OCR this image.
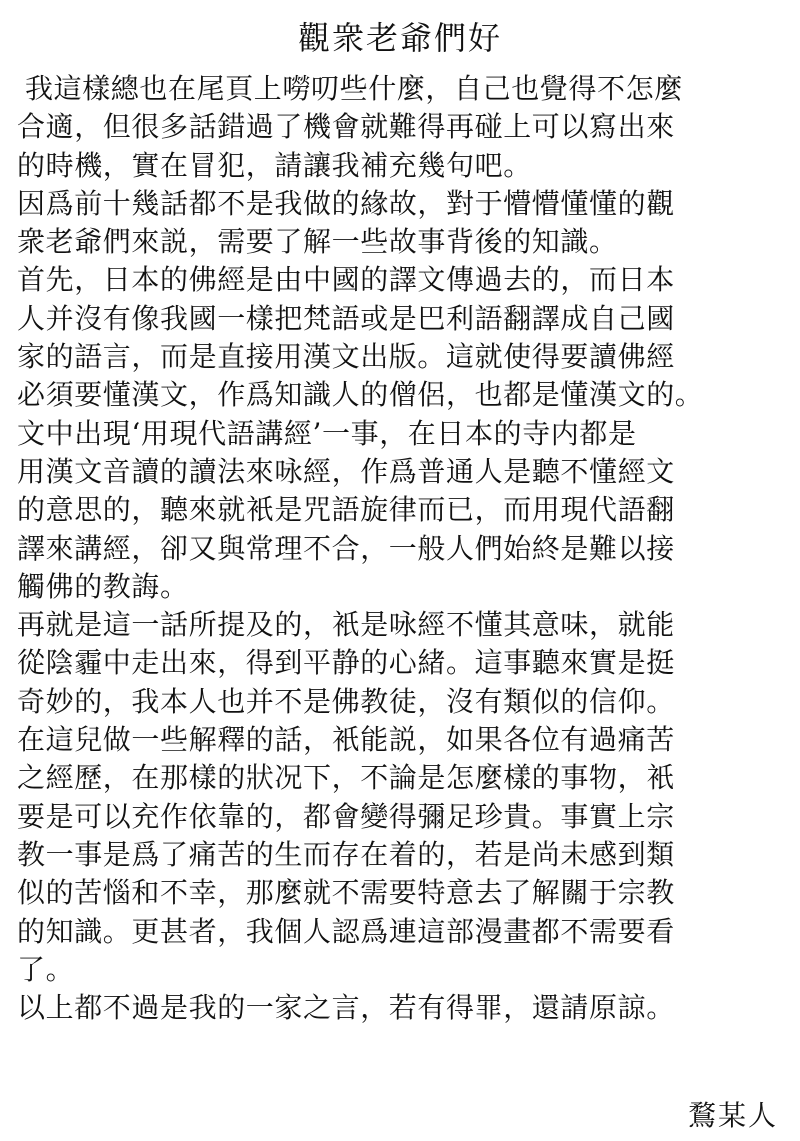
觀衆老爺們好
我這樣總也在尾頁上嘮叨些什麼，自己也覺得不怎麼
合適，但很多話錯過了機會就難得再碰上可以寫出來
的時機，實在冒犯，請讓我補充幾句吧。
因爲前十幾話都不是我做的緣故，對于懵懵懂懂的觀
衆老爺們來説，需要了解一些故事背後的知識。
首先，日本的佛經是由中國的譯文傳過去的，而日本
人并沒有像我國一樣把梵語或是巴利語翻譯成自己國
家的語言，而是直接用漢文出版。這就使得要讀佛經
必須要懂漢文，作爲知識人的僧侶，也都是懂漢文的。
文中出現‘用現代語講經’一事，在日本的寺内都是
用漢文音讀的讀法來咏經，作爲普通人是聽不懂經文
的意思的，聽來就衹是咒語旋律而已，而用現代語翻
譯來講經，卻又與常理不合，一般人們始終是難以接
觸佛的教誨。
再就是這一話所提及的，衹是咏經不懂其意味，就能
從陰霾中走出來，得到平静的心緒。這事聽來實是挺
奇妙的，我本人也并不是佛教徒，沒有類似的信仰。
在這兒做一些解釋的話，衹能説，如果各位有過痛苦
之經歷，在那樣的狀况下，不論是怎麼樣的事物，衹
要是可以充作依靠的，都會變得彌足珍貴。事實上宗
教一事是爲了痛苦的生而存在着的，若是尚未感到類
似的苦惱和不幸，那麼就不需要特意去了解關于宗教
的知識。更甚者，我個人認爲連這部漫畫都不需要看
了。
以上都不過是我的一家之言，若有得罪，還請原諒。
鶩某人
